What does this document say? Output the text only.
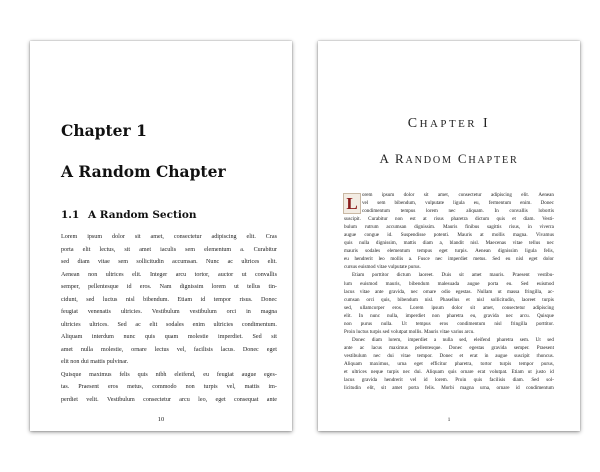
Chapter 1
A Random Chapter
1.1 A Random Section
Lorem ipsum dolor sit amet, consectetur adipiscing elit. Cras
porta elit lectus, sit amet iaculis sem elementum a. Curabitur
sed diam vitae sem sollicitudin accumsan. Nunc ac ultrices elit.
Aenean non ultrices elit. Integer arcu tortor, auctor ut convallis
semper, pellentesque id eros. Nam dignissim lorem ut tellus tin-
cidunt, sed luctus nisl bibendum. Etiam id tempor risus. Donec
feugiat venenatis ultricies. Vestibulum vestibulum orci in magna
ultricies ultrices. Sed ac elit sodales enim ultricies condimentum.
Aliquam interdum nunc quis quam molestie imperdiet. Sed sit
amet nulla molestie, ornare lectus vel, facilisis lacus. Donec eget
elit non dui mattis pulvinar.
Quisque maximus felis quis nibh eleifend, eu feugiat augue eges-
tas. Praesent eros metus, commodo non turpis vel, mattis im-
perdiet velit. Vestibulum consectetur arcu leo, eget consequat ante
10
CHAPTER I
A RANDOM CHAPTER
L orem ipsum dolor sit amet, consectetur adipiscing elit. Aenean
vel sem bibendum, vulputate ligula eu, fermentum enim. Donec
condimentum tempus lorem nec aliquam. In convallis lobortis
suscipit. Curabitur non est at risus pharetra dictum quis et diam. Vesti-
bulum rutrum accumsan dignissim. Mauris finibus sagittis risus, in viverra
augue congue id. Suspendisse potenti. Mauris at mollis magna. Vivamus
quis nulla dignissim, mattis diam a, blandit nisl. Maecenas vitae tellus nec
mauris sodales elementum tempus eget turpis. Aenean dignissim ligula felis,
eu hendrerit leo mollis a. Fusce nec imperdiet metus. Sed eu nisl eget dolor
cursus euismod vitae vulputate purus.
Etiam porttitor dictum laoreet. Duis sit amet mauris. Praesent vestibu-
lum euismod mauris, bibendum malesuada augue porta eu. Sed euismod
lacus vitae ante gravida, nec ornare odio egestas. Nullam ut massa fringilla, ac-
cumsan orci quis, bibendum nisl. Phasellus et nisl sollicitudin, laoreet turpis
sed, ullamcorper eros. Lorem ipsum dolor sit amet, consectetur adipiscing
elit. In nunc nulla, imperdiet non pharetra eu, gravida nec arcu. Quisque
non purus nulla. Ut tempus eros condimentum nisl fringilla porttitor.
Proin luctus turpis sed volutpat mollis. Mauris vitae varius arcu.
Donec diam lorem, imperdiet a nulla sed, eleifend pharetra sem. Ut sed
ante ac lacus maximus pellentesque. Donec egestas gravida semper. Praesent
vestibulum nec dui vitae tempor. Donec et erat in augue suscipit rhoncus.
Aliquam maximus, urna eget efficitur pharetra, tortor turpis tempor purus,
et ultrices neque turpis nec dui. Aliquam quis ornare erat volutpat. Etiam ut justo id
lacus gravida hendrerit vel id lorem. Proin quis facilisis diam. Sed sol-
licitudin elit, sit amet porta felis. Morbi magna urna, ornare id condimentum
1
